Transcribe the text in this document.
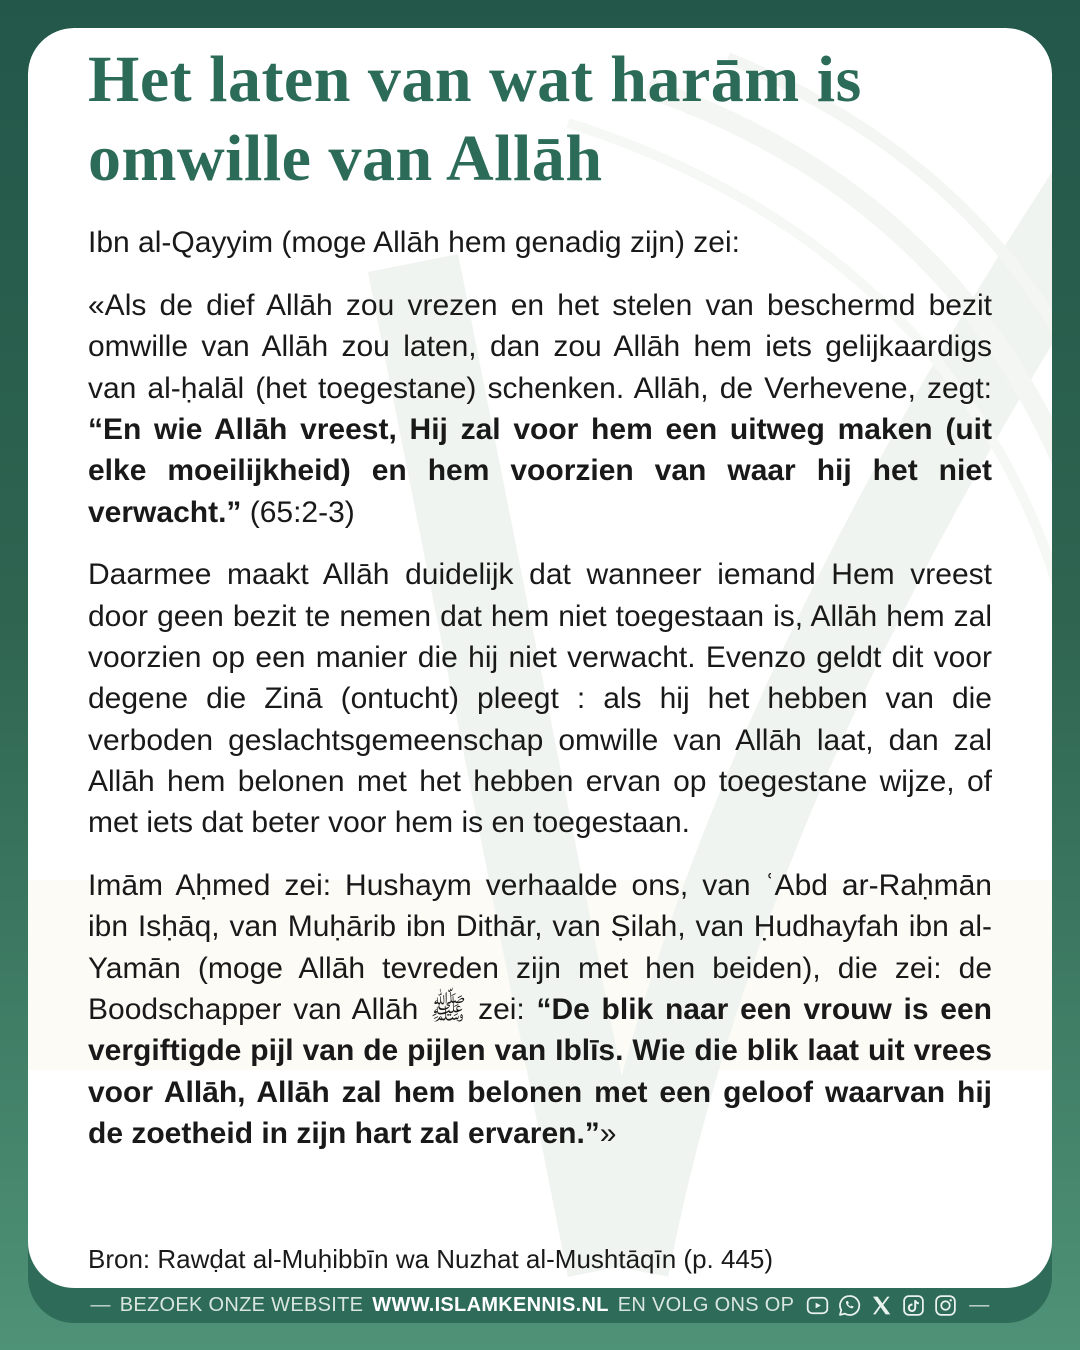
Het laten van wat harām is omwille van Allāh

Ibn al-Qayyim (moge Allāh hem genadig zijn) zei:

«Als de dief Allāh zou vrezen en het stelen van beschermd bezit omwille van Allāh zou laten, dan zou Allāh hem iets gelijkaardigs van al-ḥalāl (het toegestane) schenken. Allāh, de Verhevene, zegt: “En wie Allāh vreest, Hij zal voor hem een uitweg maken (uit elke moeilijkheid) en hem voorzien van waar hij het niet verwacht.” (65:2-3)

Daarmee maakt Allāh duidelijk dat wanneer iemand Hem vreest door geen bezit te nemen dat hem niet toegestaan is, Allāh hem zal voorzien op een manier die hij niet verwacht. Evenzo geldt dit voor degene die Zinā (ontucht) pleegt : als hij het hebben van die verboden geslachtsgemeenschap omwille van Allāh laat, dan zal Allāh hem belonen met het hebben ervan op toegestane wijze, of met iets dat beter voor hem is en toegestaan.

Imām Aḥmed zei: Hushaym verhaalde ons, van ʿAbd ar-Raḥmān ibn Isḥāq, van Muḥārib ibn Dithār, van Ṣilah, van Ḥudhayfah ibn al-Yamān (moge Allāh tevreden zijn met hen beiden), die zei: de Boodschapper van Allāh ﷺ zei: “De blik naar een vrouw is een vergiftigde pijl van de pijlen van Iblīs. Wie die blik laat uit vrees voor Allāh, Allāh zal hem belonen met een geloof waarvan hij de zoetheid in zijn hart zal ervaren.”»

Bron: Rawḍat al-Muḥibbīn wa Nuzhat al-Mushtāqīn (p. 445)
— BEZOEK ONZE WEBSITE WWW.ISLAMKENNIS.NL EN VOLG ONS OP	—
